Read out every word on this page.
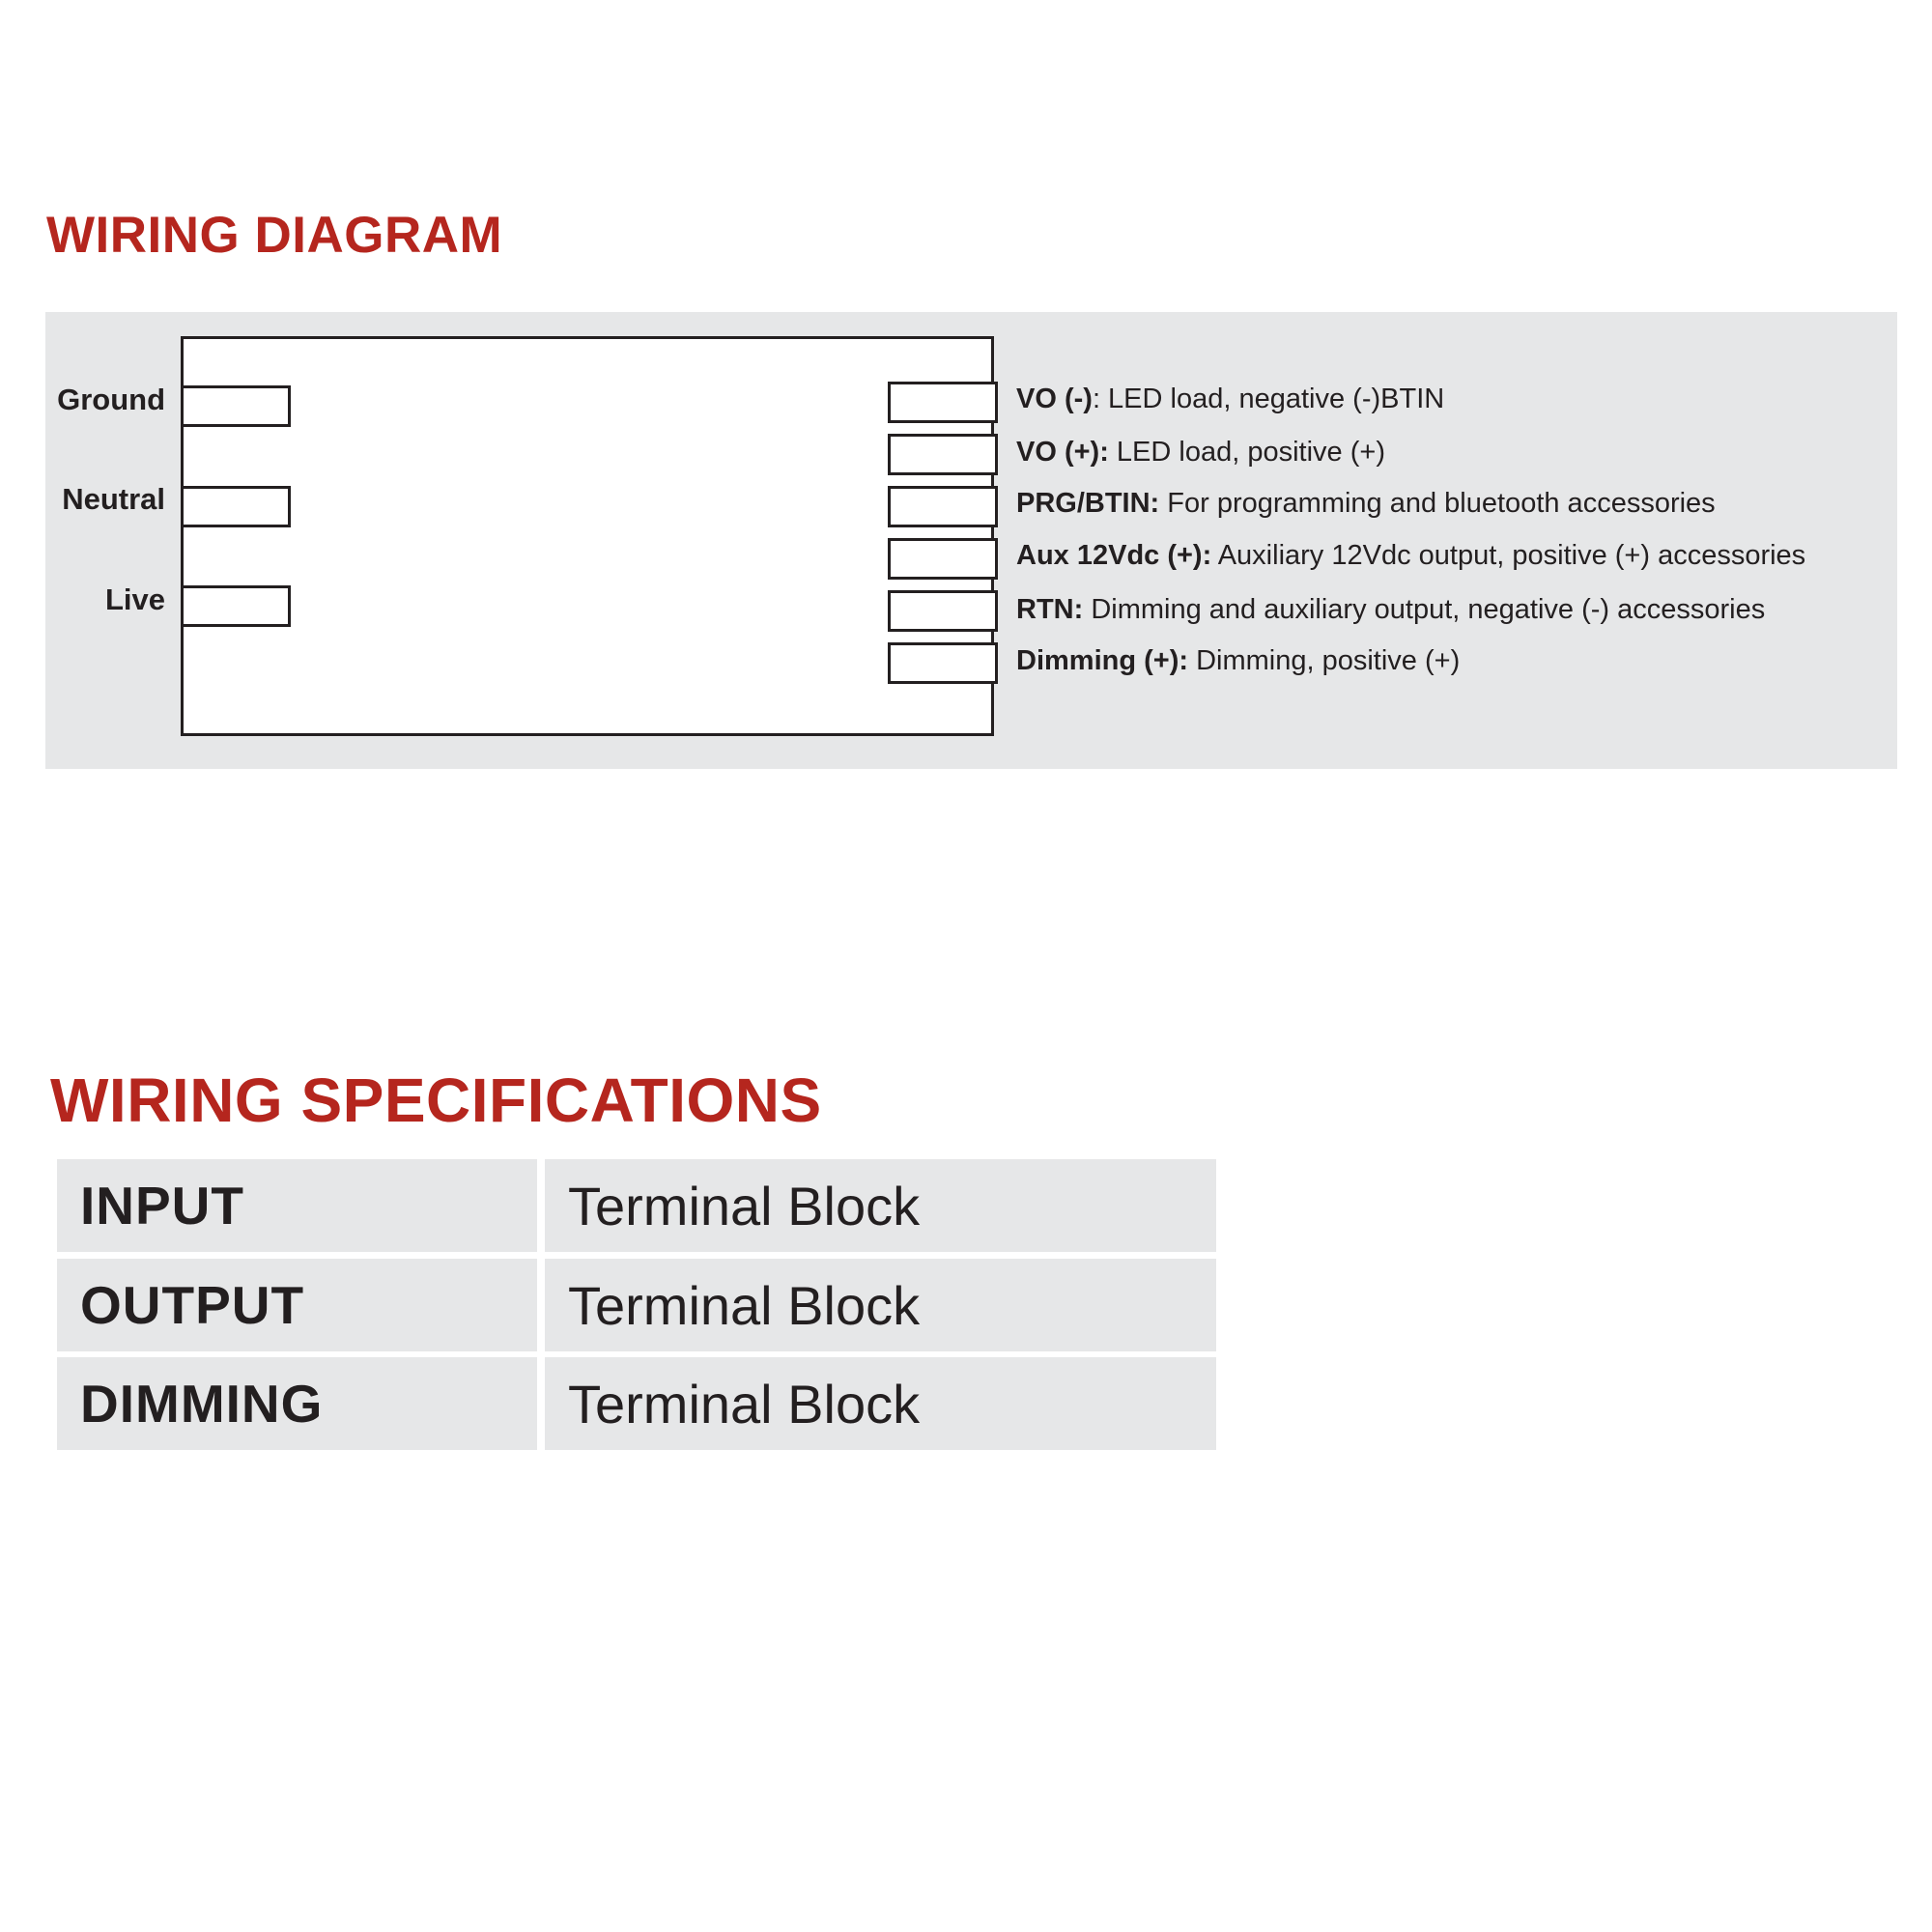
WIRING DIAGRAM
Ground
Neutral
Live
VO (-): LED load, negative (-)BTIN
VO (+): LED load, positive (+)
PRG/BTIN: For programming and bluetooth accessories
Aux 12Vdc (+): Auxiliary 12Vdc output, positive (+) accessories
RTN: Dimming and auxiliary output, negative (-) accessories
Dimming (+): Dimming, positive (+)
WIRING SPECIFICATIONS
INPUT	Terminal Block
OUTPUT	Terminal Block
DIMMING	Terminal Block
